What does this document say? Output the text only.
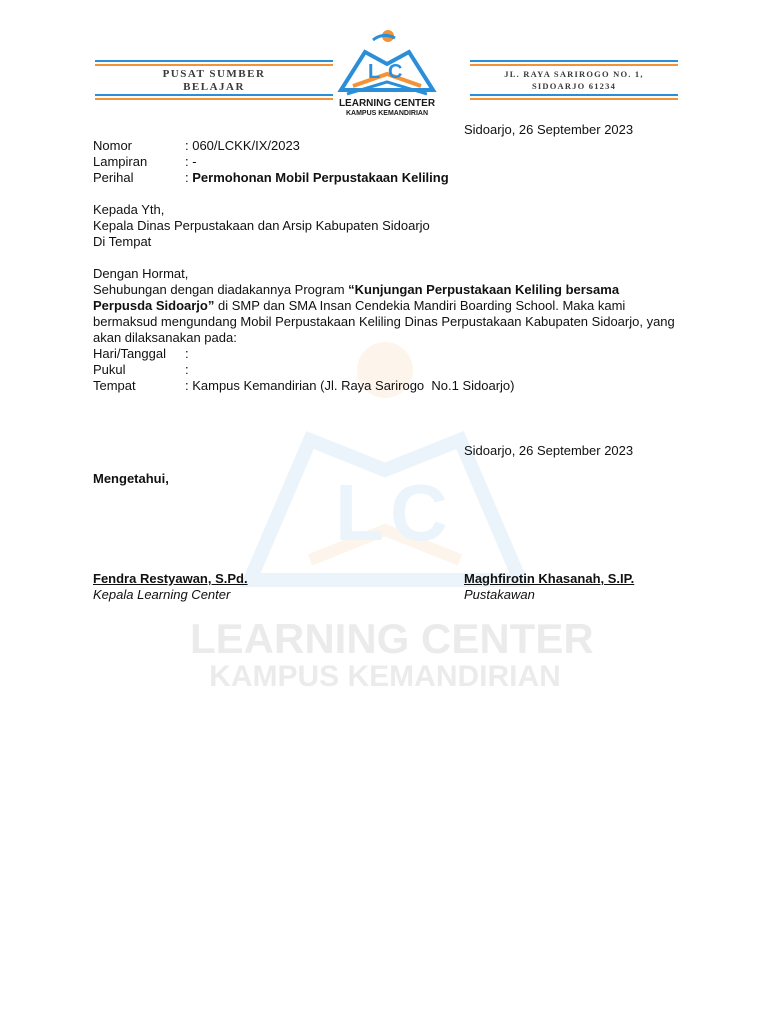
L C
LEARNING CENTER
KAMPUS KEMANDIRIAN
PUSAT SUMBER
BELAJAR
L C
LEARNING CENTER
KAMPUS KEMANDIRIAN
JL. RAYA SARIROGO NO. 1,
SIDOARJO 61234
Sidoarjo, 26 September 2023
Nomor	: 060/LCKK/IX/2023
Lampiran	: -
Perihal	: Permohonan Mobil Perpustakaan Keliling
Kepada Yth,
Kepala Dinas Perpustakaan dan Arsip Kabupaten Sidoarjo
Di Tempat
Dengan Hormat,
Sehubungan dengan diadakannya Program “Kunjungan Perpustakaan Keliling bersama
Perpusda Sidoarjo” di SMP dan SMA Insan Cendekia Mandiri Boarding School. Maka kami
bermaksud mengundang Mobil Perpustakaan Keliling Dinas Perpustakaan Kabupaten Sidoarjo, yang
akan dilaksanakan pada:
Hari/Tanggal :
Pukul	:
Tempat	: Kampus Kemandirian (Jl. Raya Sarirogo  No.1 Sidoarjo)
Sidoarjo, 26 September 2023
Mengetahui,
Fendra Restyawan, S.Pd.
Kepala Learning Center
Maghfirotin Khasanah, S.IP.
Pustakawan
